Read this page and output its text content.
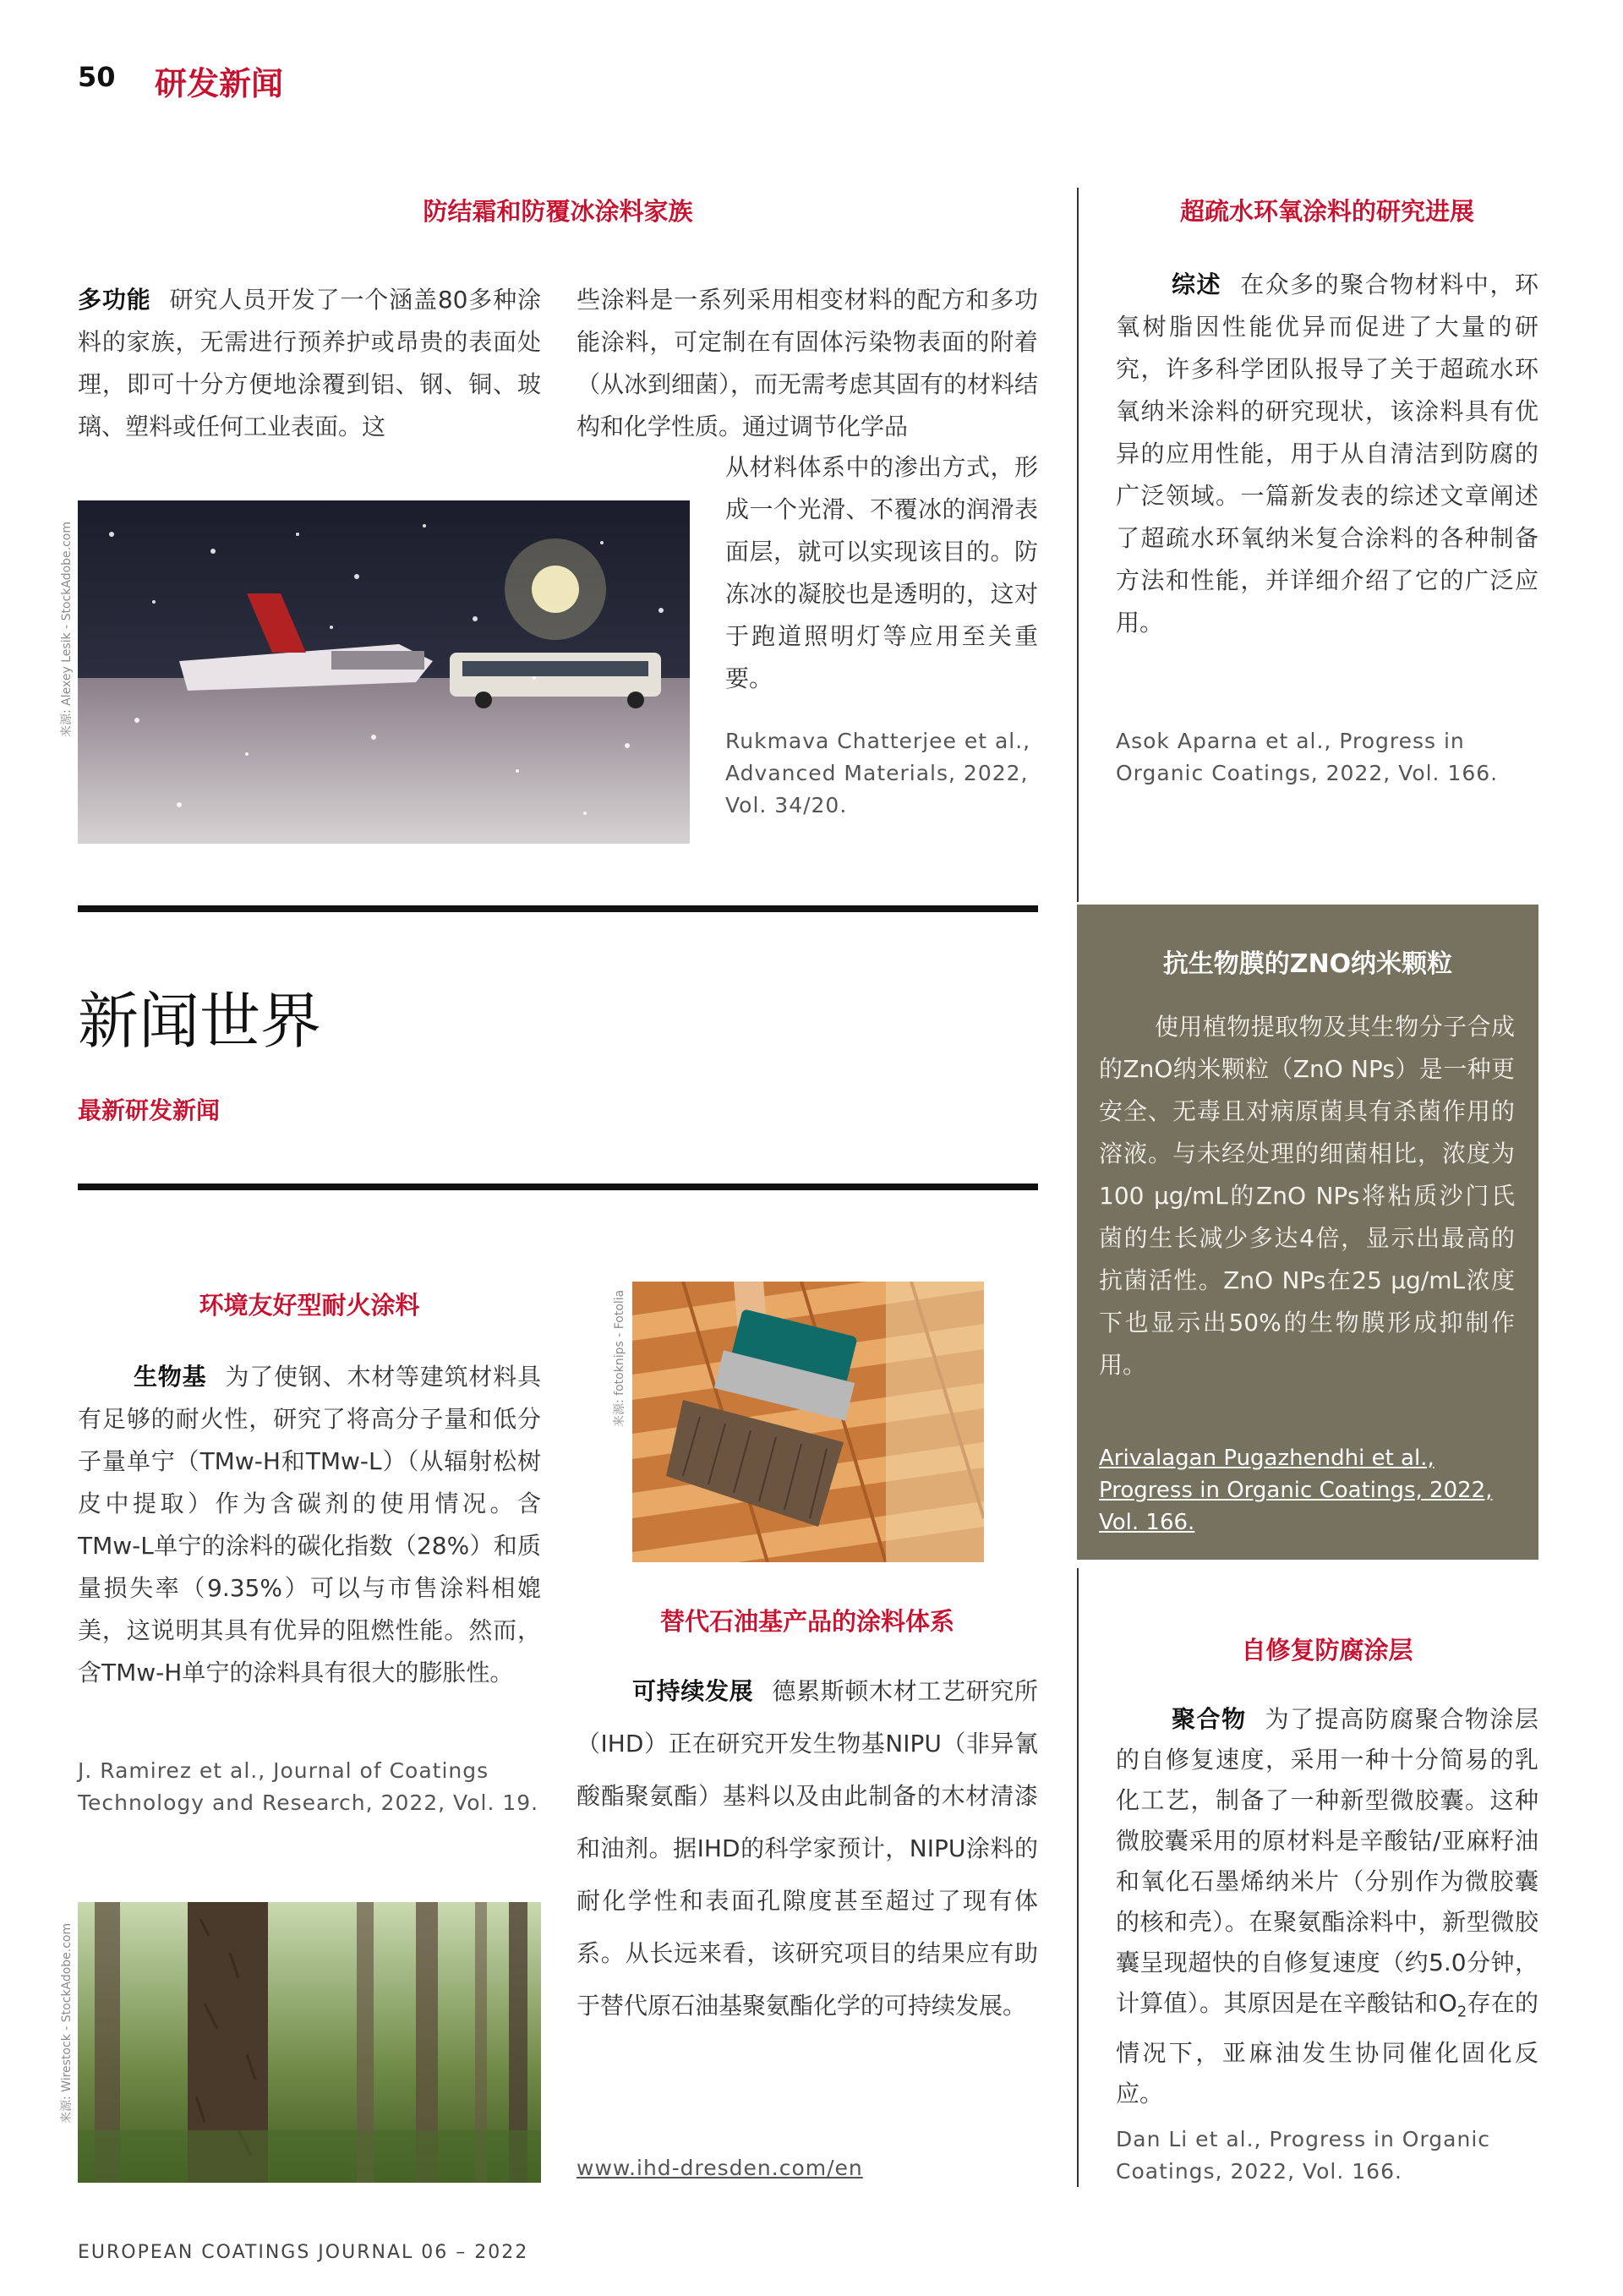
50 研发新闻
防结霜和防覆冰涂料家族
多功能 研究人员开发了一个涵盖80多种涂料的家族，无需进行预养护或昂贵的表面处理，即可十分方便地涂覆到铝、钢、铜、玻璃、塑料或任何工业表面。这
些涂料是一系列采用相变材料的配方和多功能涂料，可定制在有固体污染物表面的附着（从冰到细菌），而无需考虑其固有的材料结构和化学性质。通过调节化学品
从材料体系中的渗出方式，形成一个光滑、不覆冰的润滑表面层，就可以实现该目的。防冻冰的凝胶也是透明的，这对于跑道照明灯等应用至关重要。
Rukmava Chatterjee et al., Advanced Materials, 2022, Vol. 34/20.
来源: Alexey Lesik - StockAdobe.com
超疏水环氧涂料的研究进展
综述 在众多的聚合物材料中，环氧树脂因性能优异而促进了大量的研究，许多科学团队报导了关于超疏水环氧纳米涂料的研究现状，该涂料具有优异的应用性能，用于从自清洁到防腐的广泛领域。一篇新发表的综述文章阐述了超疏水环氧纳米复合涂料的各种制备方法和性能，并详细介绍了它的广泛应用。
Asok Aparna et al., Progress in Organic Coatings, 2022, Vol. 166.
新闻世界
最新研发新闻
抗生物膜的ZNO纳米颗粒
使用植物提取物及其生物分子合成的ZnO纳米颗粒（ZnO NPs）是一种更安全、无毒且对病原菌具有杀菌作用的溶液。与未经处理的细菌相比，浓度为100 μg/mL的ZnO NPs将粘质沙门氏菌的生长减少多达4倍，显示出最高的抗菌活性。ZnO NPs在25 μg/mL浓度下也显示出50%的生物膜形成抑制作用。
Arivalagan Pugazhendhi et al., Progress in Organic Coatings, 2022, Vol. 166.
环境友好型耐火涂料
生物基 为了使钢、木材等建筑材料具有足够的耐火性，研究了将高分子量和低分子量单宁（TMw-H和TMw-L）（从辐射松树皮中提取）作为含碳剂的使用情况。含TMw-L单宁的涂料的碳化指数（28%）和质量损失率（9.35%）可以与市售涂料相媲美，这说明其具有优异的阻燃性能。然而，含TMw-H单宁的涂料具有很大的膨胀性。
J. Ramirez et al., Journal of Coatings Technology and Research, 2022, Vol. 19.
来源: Wirestock - StockAdobe.com
来源: fotoknips - Fotolia
替代石油基产品的涂料体系
可持续发展 德累斯顿木材工艺研究所（IHD）正在研究开发生物基NIPU（非异氰酸酯聚氨酯）基料以及由此制备的木材清漆和油剂。据IHD的科学家预计，NIPU涂料的耐化学性和表面孔隙度甚至超过了现有体系。从长远来看，该研究项目的结果应有助于替代原石油基聚氨酯化学的可持续发展。
www.ihd-dresden.com/en
自修复防腐涂层
聚合物 为了提高防腐聚合物涂层的自修复速度，采用一种十分简易的乳化工艺，制备了一种新型微胶囊。这种微胶囊采用的原材料是辛酸钴/亚麻籽油和氧化石墨烯纳米片（分别作为微胶囊的核和壳）。在聚氨酯涂料中，新型微胶囊呈现超快的自修复速度（约5.0分钟，计算值）。其原因是在辛酸钴和$O_2$存在的情况下，亚麻油发生协同催化固化反应。
Dan Li et al., Progress in Organic Coatings, 2022, Vol. 166.
EUROPEAN COATINGS JOURNAL 06 – 2022
